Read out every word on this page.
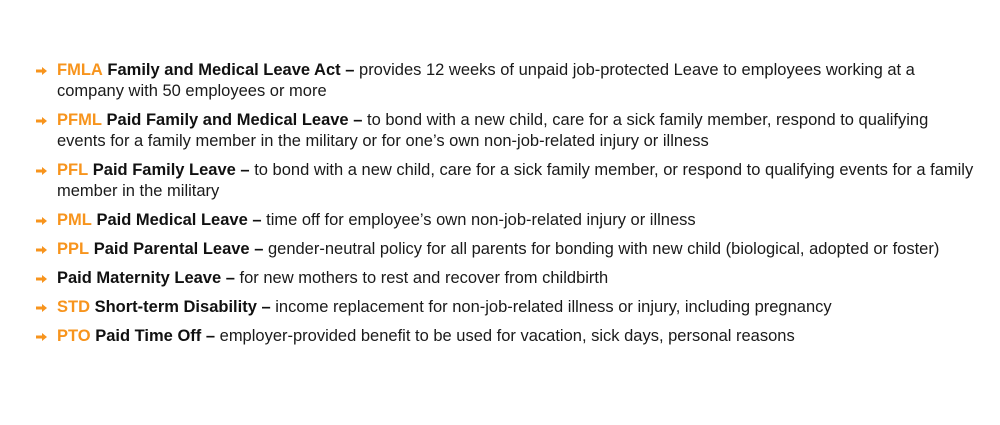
FMLA Family and Medical Leave Act – provides 12 weeks of unpaid job-protected Leave to employees working at a company with 50 employees or more
PFML Paid Family and Medical Leave – to bond with a new child, care for a sick family member, respond to qualifying events for a family member in the military or for one’s own non-job-related injury or illness
PFL Paid Family Leave – to bond with a new child, care for a sick family member, or respond to qualifying events for a family member in the military
PML Paid Medical Leave – time off for employee’s own non-job-related injury or illness
PPL Paid Parental Leave – gender-neutral policy for all parents for bonding with new child (biological, adopted or foster)
Paid Maternity Leave – for new mothers to rest and recover from childbirth
STD Short-term Disability – income replacement for non-job-related illness or injury, including pregnancy
PTO Paid Time Off – employer-provided benefit to be used for vacation, sick days, personal reasons
